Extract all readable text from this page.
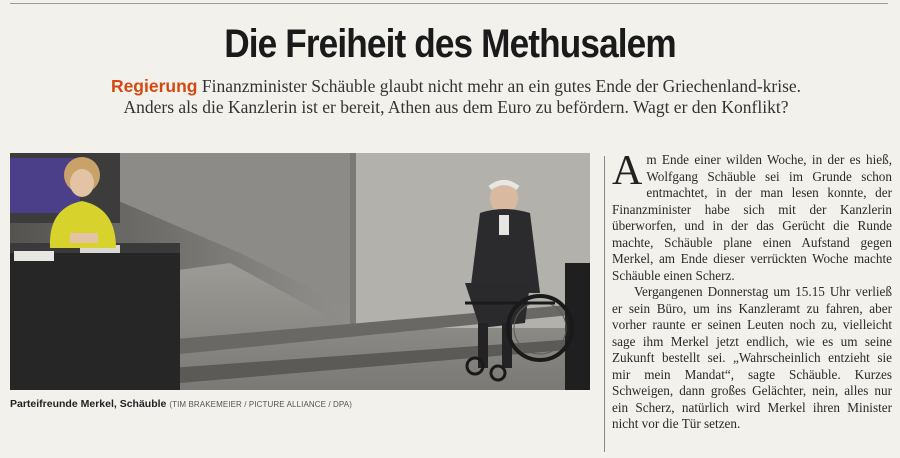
Die Freiheit des Methusalem
Regierung Finanzminister Schäuble glaubt nicht mehr an ein gutes Ende der Griechenland-krise. Anders als die Kanzlerin ist er bereit, Athen aus dem Euro zu befördern. Wagt er den Konflikt?
Parteifreunde Merkel, Schäuble (TIM BRAKEMEIER / PICTURE ALLIANCE / DPA)

Am Ende einer wilden Woche, in der es hieß, Wolfgang Schäuble sei im Grunde schon entmachtet, in der man lesen konnte, der Finanzminister habe sich mit der Kanzlerin überworfen, und in der das Gerücht die Runde machte, Schäuble plane einen Aufstand gegen Merkel, am Ende dieser verrückten Woche machte Schäuble einen Scherz.

Vergangenen Donnerstag um 15.15 Uhr verließ er sein Büro, um ins Kanzleramt zu fahren, aber vorher raunte er seinen Leuten noch zu, vielleicht sage ihm Merkel jetzt endlich, wie es um seine Zukunft bestellt sei. „Wahrscheinlich entzieht sie mir mein Mandat“, sagte Schäuble. Kurzes Schweigen, dann großes Gelächter, nein, alles nur ein Scherz, natürlich wird Merkel ihren Minister nicht vor die Tür setzen.
